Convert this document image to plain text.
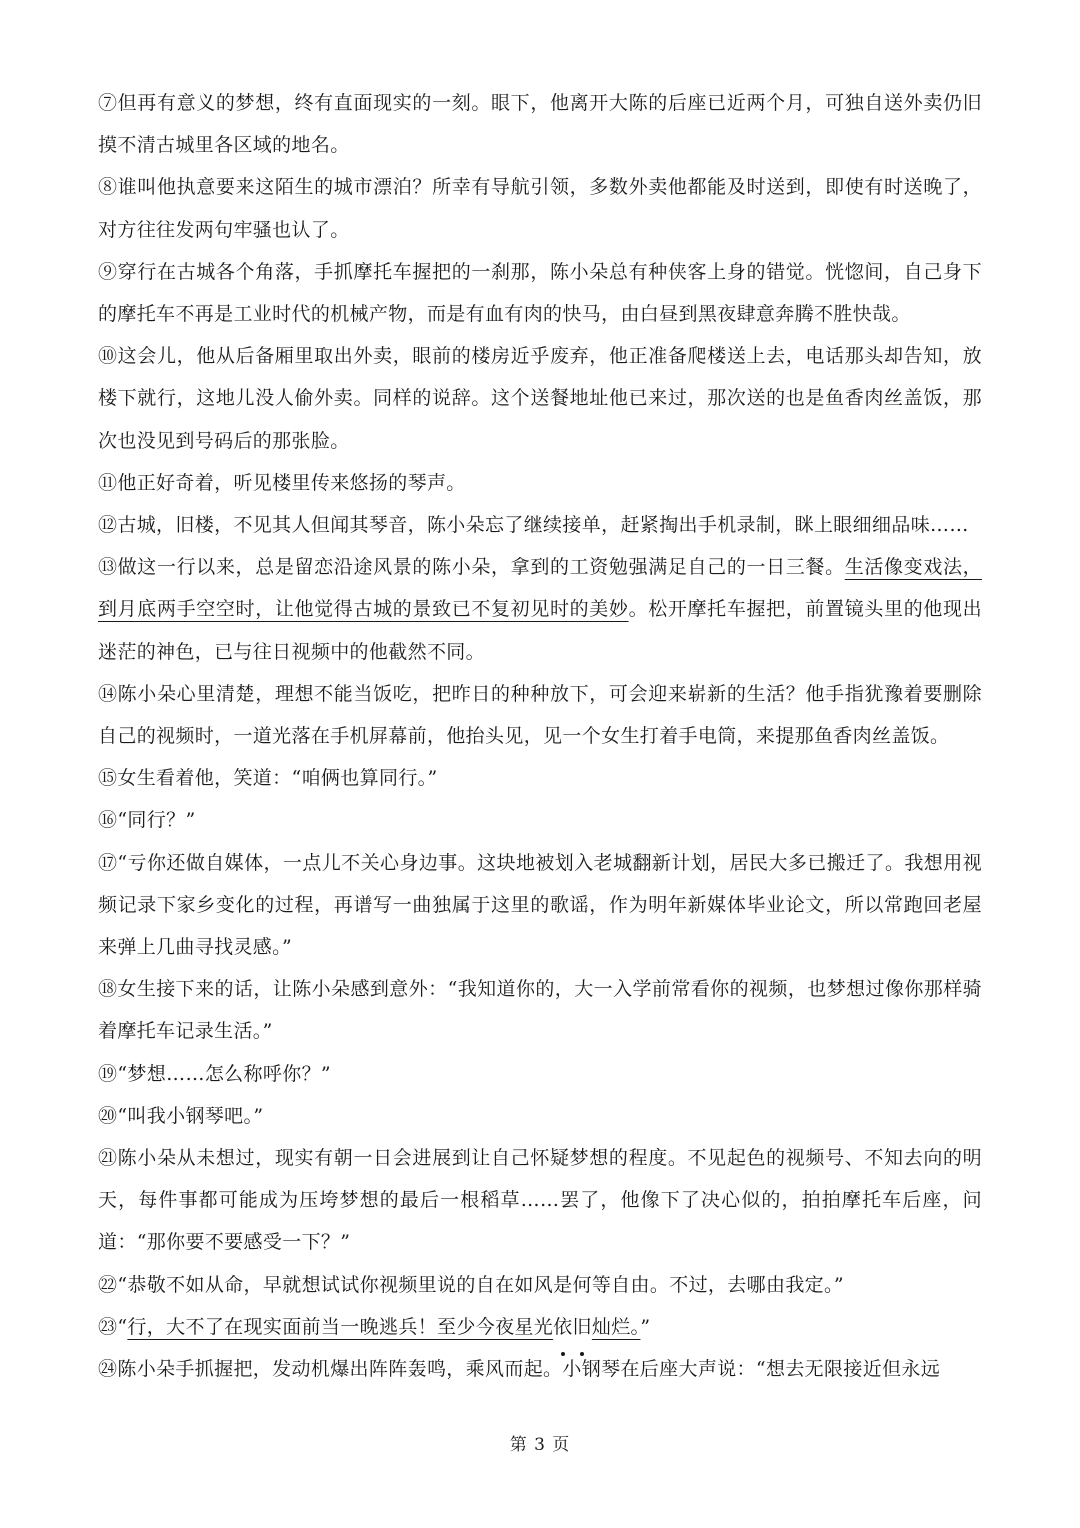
⑦但再有意义的梦想，终有直面现实的一刻。眼下，他离开大陈的后座已近两个月，可独自送外卖仍旧摸不清古城里各区域的地名。

⑧谁叫他执意要来这陌生的城市漂泊？所幸有导航引领，多数外卖他都能及时送到，即使有时送晚了，对方往往发两句牢骚也认了。

⑨穿行在古城各个角落，手抓摩托车握把的一刹那，陈小朵总有种侠客上身的错觉。恍惚间，自己身下的摩托车不再是工业时代的机械产物，而是有血有肉的快马，由白昼到黑夜肆意奔腾不胜快哉。

⑩这会儿，他从后备厢里取出外卖，眼前的楼房近乎废弃，他正准备爬楼送上去，电话那头却告知，放楼下就行，这地儿没人偷外卖。同样的说辞。这个送餐地址他已来过，那次送的也是鱼香肉丝盖饭，那次也没见到号码后的那张脸。

⑪他正好奇着，听见楼里传来悠扬的琴声。

⑫古城，旧楼，不见其人但闻其琴音，陈小朵忘了继续接单，赶紧掏出手机录制，眯上眼细细品味……

⑬做这一行以来，总是留恋沿途风景的陈小朵，拿到的工资勉强满足自己的一日三餐。生活像变戏法，到月底两手空空时，让他觉得古城的景致已不复初见时的美妙。松开摩托车握把，前置镜头里的他现出迷茫的神色，已与往日视频中的他截然不同。

⑭陈小朵心里清楚，理想不能当饭吃，把昨日的种种放下，可会迎来崭新的生活？他手指犹豫着要删除自己的视频时，一道光落在手机屏幕前，他抬头见，见一个女生打着手电筒，来提那鱼香肉丝盖饭。

⑮女生看着他，笑道：“咱俩也算同行。”

⑯“同行？”

⑰“亏你还做自媒体，一点儿不关心身边事。这块地被划入老城翻新计划，居民大多已搬迁了。我想用视频记录下家乡变化的过程，再谱写一曲独属于这里的歌谣，作为明年新媒体毕业论文，所以常跑回老屋来弹上几曲寻找灵感。”

⑱女生接下来的话，让陈小朵感到意外：“我知道你的，大一入学前常看你的视频，也梦想过像你那样骑着摩托车记录生活。”

⑲“梦想……怎么称呼你？”

⑳“叫我小钢琴吧。”

㉑陈小朵从未想过，现实有朝一日会进展到让自己怀疑梦想的程度。不见起色的视频号、不知去向的明天，每件事都可能成为压垮梦想的最后一根稻草……罢了，他像下了决心似的，拍拍摩托车后座，问道：“那你要不要感受一下？”

㉒“恭敬不如从命，早就想试试你视频里说的自在如风是何等自由。不过，去哪由我定。”

㉓“行，大不了在现实面前当一晚逃兵！至少今夜星光依旧灿烂。”

㉔陈小朵手抓握把，发动机爆出阵阵轰鸣，乘风而起。小钢琴在后座大声说：“想去无限接近但永远

第 3 页
